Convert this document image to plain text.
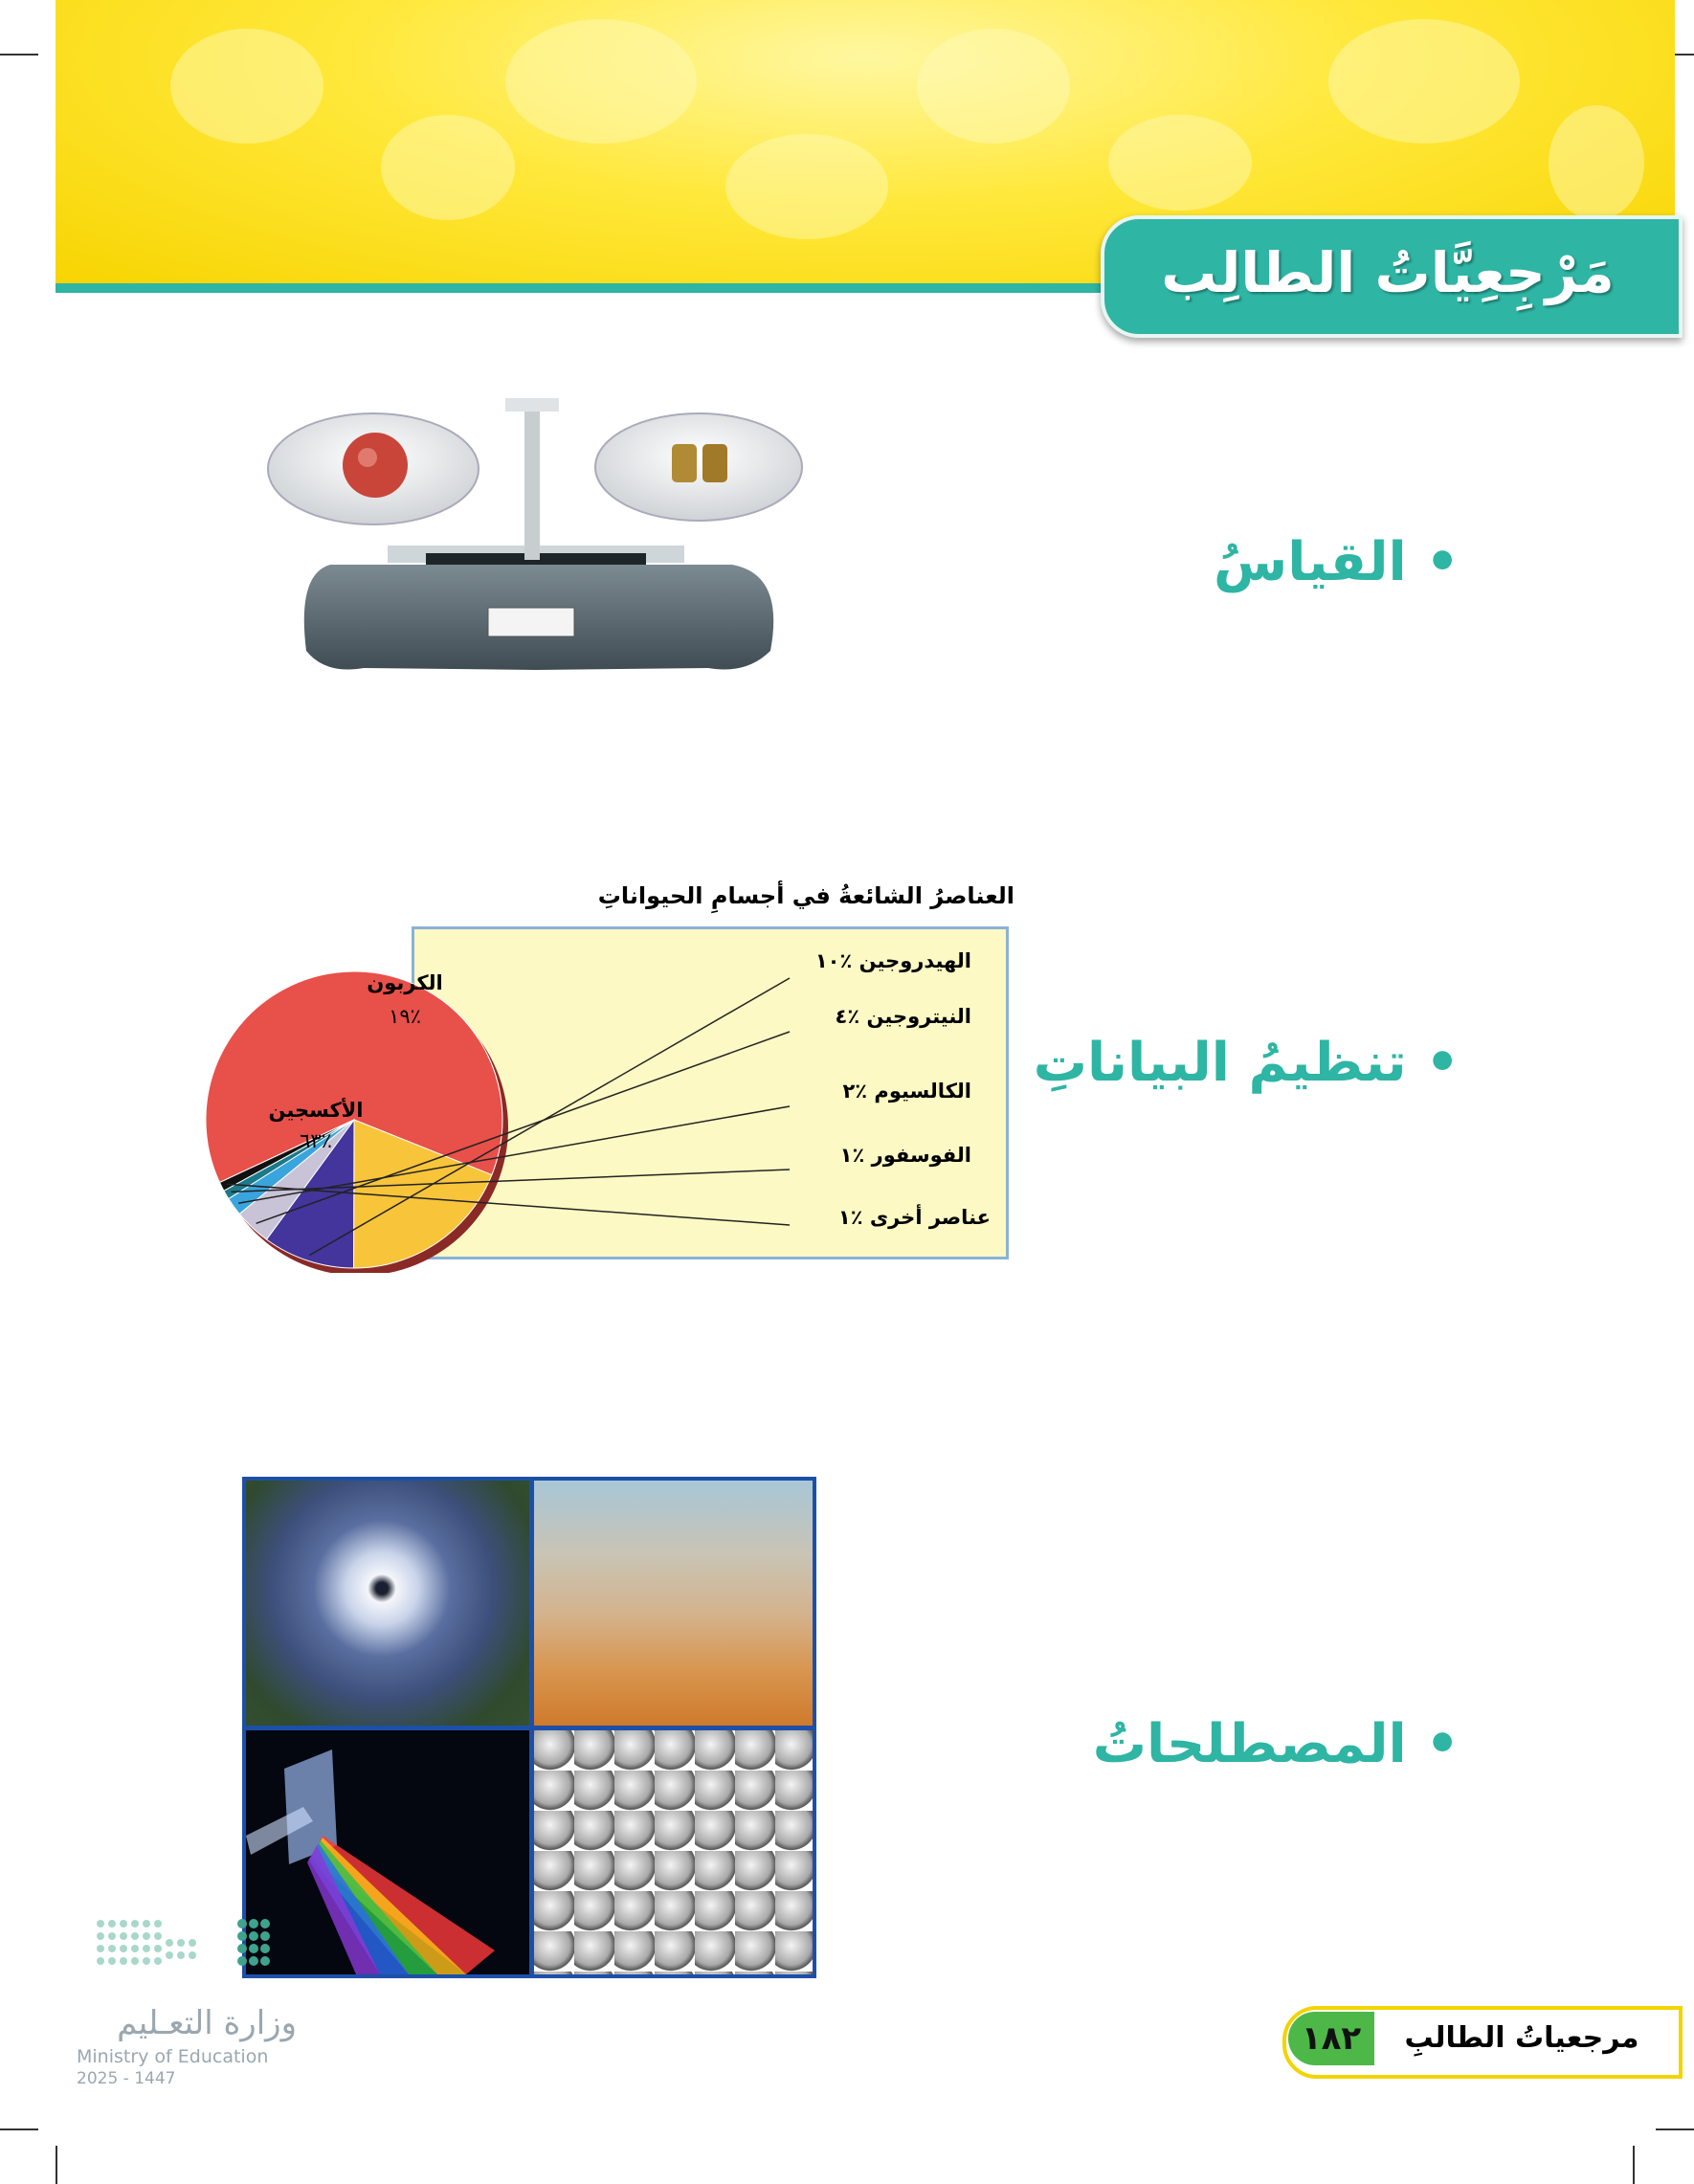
مَرْجِعِيَّاتُ الطالِب
• القياسُ
• تنظيمُ البياناتِ
• المصطلحاتُ
العناصرُ الشائعةُ في أجسامِ الحيواناتِ
الهيدروجين ٪١٠
النيتروجين ٪٤
الكالسيوم ٪٢
الفوسفور ٪١
عناصر أخرى ٪١
الكربون
٪١٩
الأكسجين
٪٦٣
وزارة التعـليم
Ministry of Education
2025 - 1447
١٨٢	مرجعياتُ الطالبِ
